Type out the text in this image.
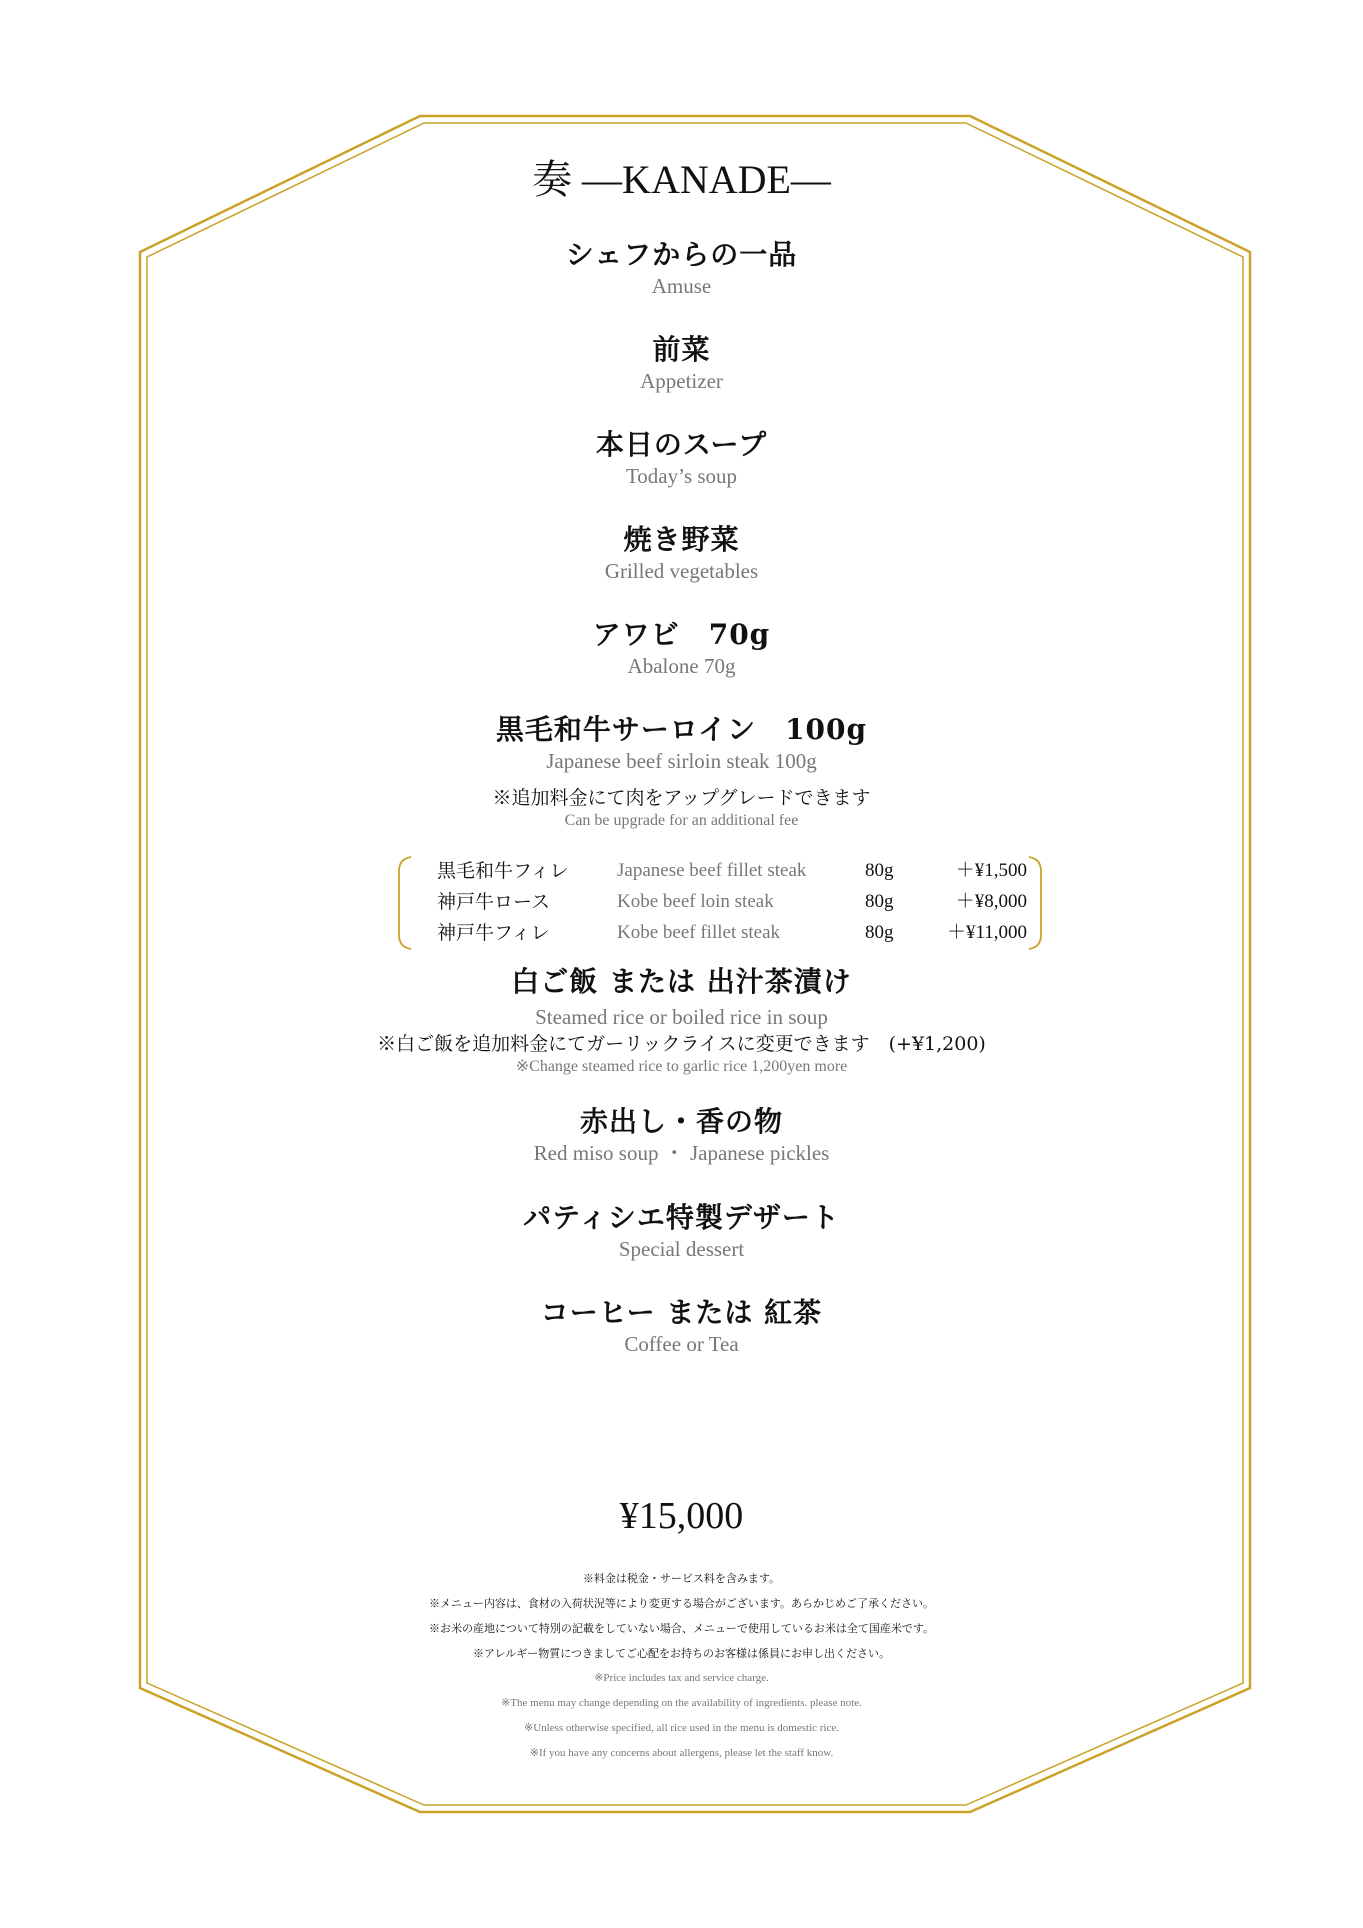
奏 —KANADE—
シェフからの一品
Amuse
前菜
Appetizer
本日のスープ
Today’s soup
焼き野菜
Grilled vegetables
アワビ　70g
Abalone 70g
黒毛和牛サーロイン　100g
Japanese beef sirloin steak 100g
※追加料金にて肉をアップグレードできます
Can be upgrade for an additional fee
黒毛和牛フィレ	Japanese beef fillet steak	80g	＋¥1,500
神戸牛ロース	Kobe beef loin steak	80g	＋¥8,000
神戸牛フィレ	Kobe beef fillet steak	80g	＋¥11,000
白ご飯 または 出汁茶漬け
Steamed rice or boiled rice in soup
※白ご飯を追加料金にてガーリックライスに変更できます　(+¥1,200)
※Change steamed rice to garlic rice 1,200yen more
赤出し・香の物
Red miso soup ・ Japanese pickles
パティシエ特製デザート
Special dessert
コーヒー または 紅茶
Coffee or Tea
¥15,000
※料金は税金・サービス料を含みます。
※メニュー内容は、食材の入荷状況等により変更する場合がございます。あらかじめご了承ください。
※お米の産地について特別の記載をしていない場合、メニューで使用しているお米は全て国産米です。
※アレルギー物質につきましてご心配をお持ちのお客様は係員にお申し出ください。
※Price includes tax and service charge.
※The menu may change depending on the availability of ingredients. please note.
※Unless otherwise specified, all rice used in the menu is domestic rice.
※If you have any concerns about allergens, please let the staff know.
